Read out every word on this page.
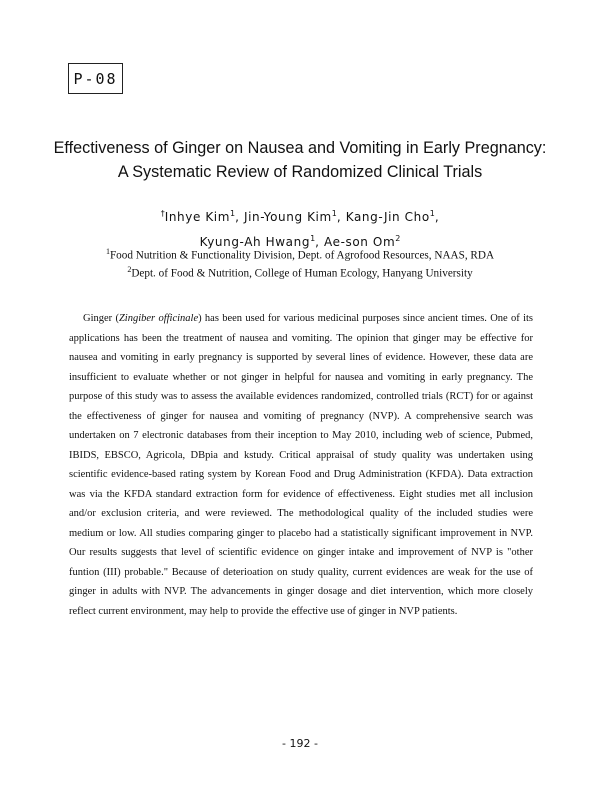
P-08
Effectiveness of Ginger on Nausea and Vomiting in Early Pregnancy:
A Systematic Review of Randomized Clinical Trials
†Inhye Kim$^1$, Jin-Young Kim$^1$, Kang-Jin Cho$^1$,
Kyung-Ah Hwang$^1$, Ae-son Om$^2$
$^1$Food Nutrition & Functionality Division, Dept. of Agrofood Resources, NAAS, RDA
$^2$Dept. of Food & Nutrition, College of Human Ecology, Hanyang University
Ginger (Zingiber officinale) has been used for various medicinal purposes since ancient times. One of its applications has been the treatment of nausea and vomiting. The opinion that ginger may be effective for nausea and vomiting in early pregnancy is supported by several lines of evidence. However, these data are insufficient to evaluate whether or not ginger in helpful for nausea and vomiting in early pregnancy. The purpose of this study was to assess the available evidences randomized, controlled trials (RCT) for or against the effectiveness of ginger for nausea and vomiting of pregnancy (NVP). A comprehensive search was undertaken on 7 electronic databases from their inception to May 2010, including web of science, Pubmed, IBIDS, EBSCO, Agricola, DBpia and kstudy. Critical appraisal of study quality was undertaken using scientific evidence-based rating system by Korean Food and Drug Administration (KFDA). Data extraction was via the KFDA standard extraction form for evidence of effectiveness. Eight studies met all inclusion and/or exclusion criteria, and were reviewed. The methodological quality of the included studies were medium or low. All studies comparing ginger to placebo had a statistically significant improvement in NVP. Our results suggests that level of scientific evidence on ginger intake and improvement of NVP is "other funtion (III) probable." Because of deterioation on study quality, current evidences are weak for the use of ginger in adults with NVP. The advancements in ginger dosage and diet intervention, which more closely reflect current environment, may help to provide the effective use of ginger in NVP patients.
- 192 -
